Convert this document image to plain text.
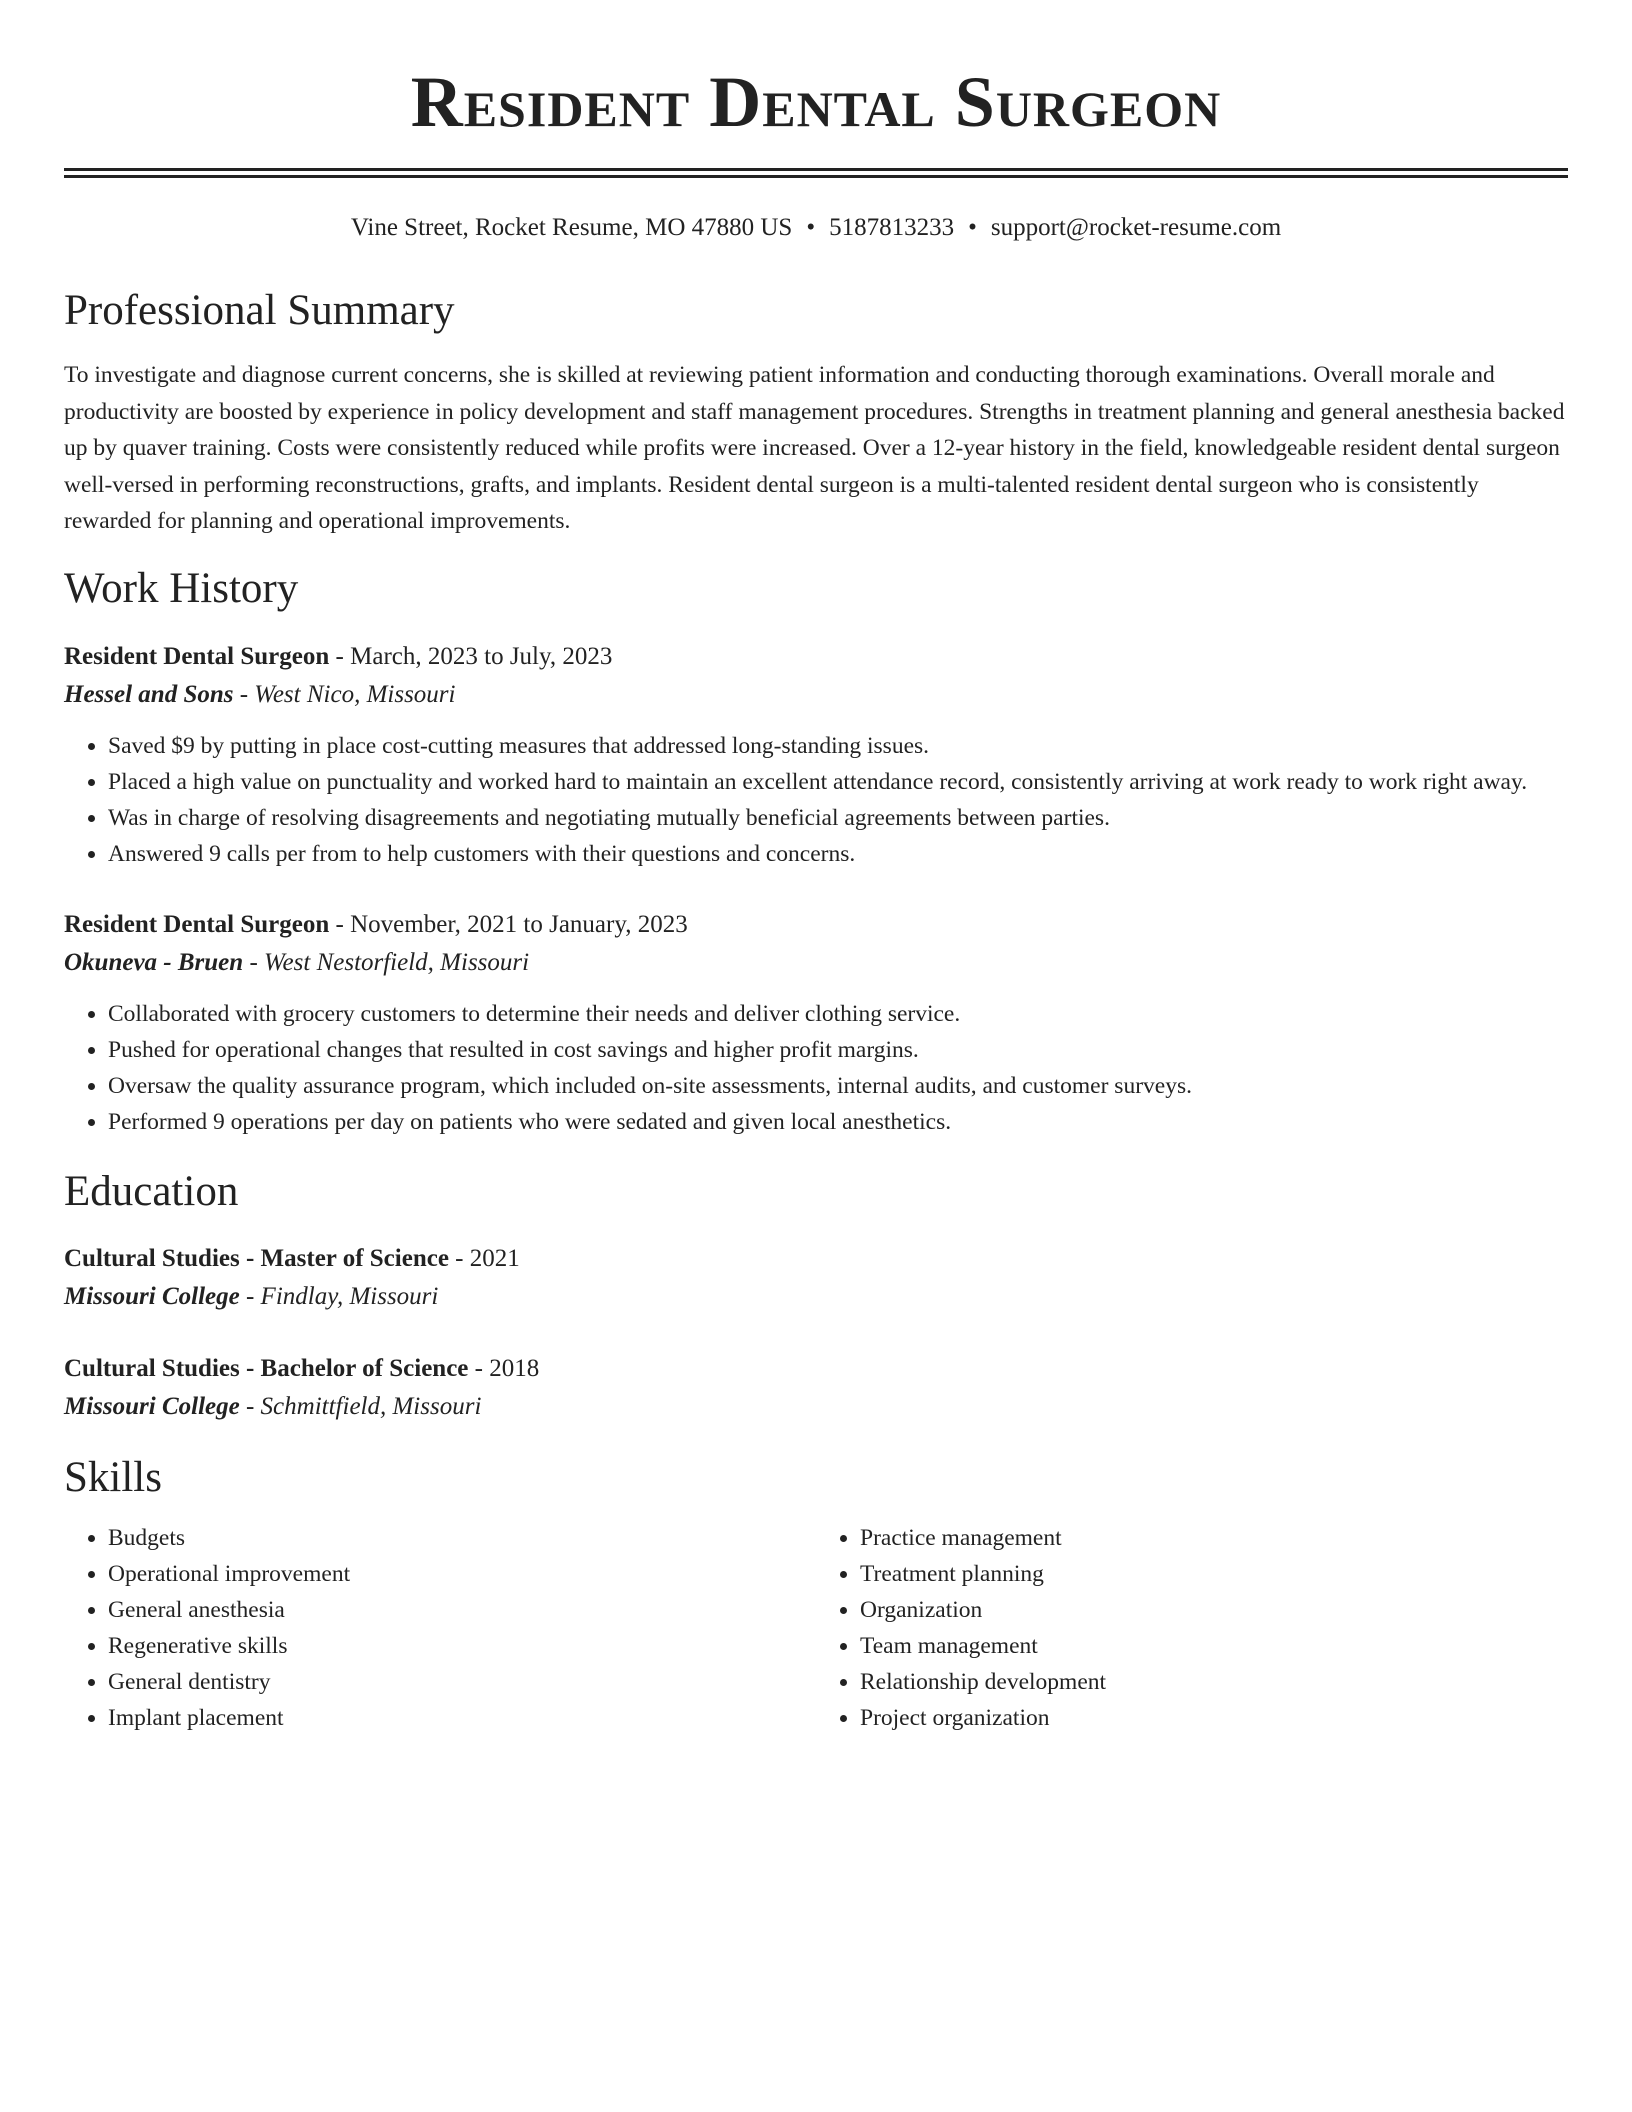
Resident Dental Surgeon
Vine Street, Rocket Resume, MO 47880 US • 5187813233 • support@rocket-resume.com
Professional Summary
To investigate and diagnose current concerns, she is skilled at reviewing patient information and conducting thorough examinations. Overall morale and productivity are boosted by experience in policy development and staff management procedures. Strengths in treatment planning and general anesthesia backed up by quaver training. Costs were consistently reduced while profits were increased. Over a 12-year history in the field, knowledgeable resident dental surgeon well-versed in performing reconstructions, grafts, and implants. Resident dental surgeon is a multi-talented resident dental surgeon who is consistently rewarded for planning and operational improvements.
Work History
Resident Dental Surgeon - March, 2023 to July, 2023
Hessel and Sons - West Nico, Missouri
• Saved $9 by putting in place cost-cutting measures that addressed long-standing issues.
• Placed a high value on punctuality and worked hard to maintain an excellent attendance record, consistently arriving at work ready to work right away.
• Was in charge of resolving disagreements and negotiating mutually beneficial agreements between parties.
• Answered 9 calls per from to help customers with their questions and concerns.
Resident Dental Surgeon - November, 2021 to January, 2023
Okuneva - Bruen - West Nestorfield, Missouri
• Collaborated with grocery customers to determine their needs and deliver clothing service.
• Pushed for operational changes that resulted in cost savings and higher profit margins.
• Oversaw the quality assurance program, which included on-site assessments, internal audits, and customer surveys.
• Performed 9 operations per day on patients who were sedated and given local anesthetics.
Education
Cultural Studies - Master of Science - 2021
Missouri College - Findlay, Missouri
Cultural Studies - Bachelor of Science - 2018
Missouri College - Schmittfield, Missouri
Skills
• Budgets
• Operational improvement
• General anesthesia
• Regenerative skills
• General dentistry
• Implant placement
• Practice management
• Treatment planning
• Organization
• Team management
• Relationship development
• Project organization
